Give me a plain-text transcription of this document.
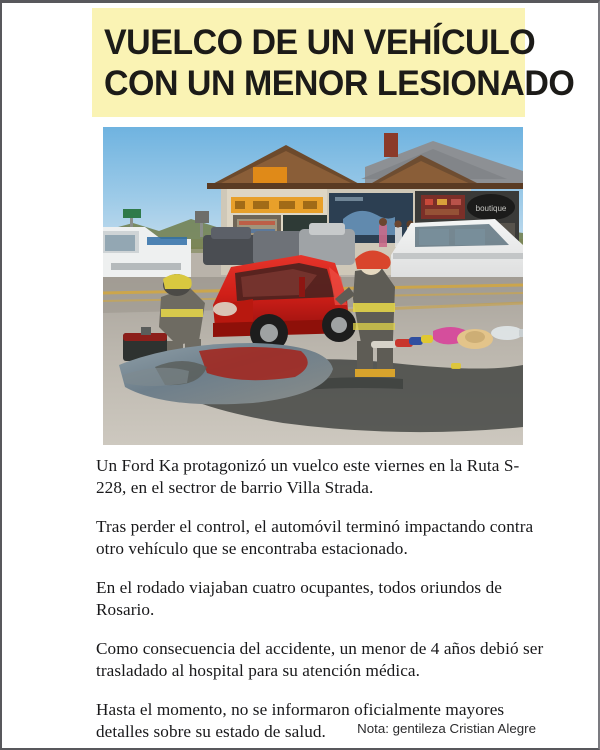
VUELCO DE UN VEHÍCULO
CON UN MENOR LESIONADO
boutique

Un Ford Ka protagonizó un vuelco este viernes en la Ruta S-228, en el sectror de barrio Villa Strada.

Tras perder el control, el automóvil terminó impactando contra otro vehículo que se encontraba estacionado.

En el rodado viajaban cuatro ocupantes, todos oriundos de Rosario.

Como consecuencia del accidente, un menor de 4 años debió ser trasladado al hospital para su atención médica.

Hasta el momento, no se informaron oficialmente mayores detalles sobre su estado de salud.	Nota: gentileza Cristian Alegre
